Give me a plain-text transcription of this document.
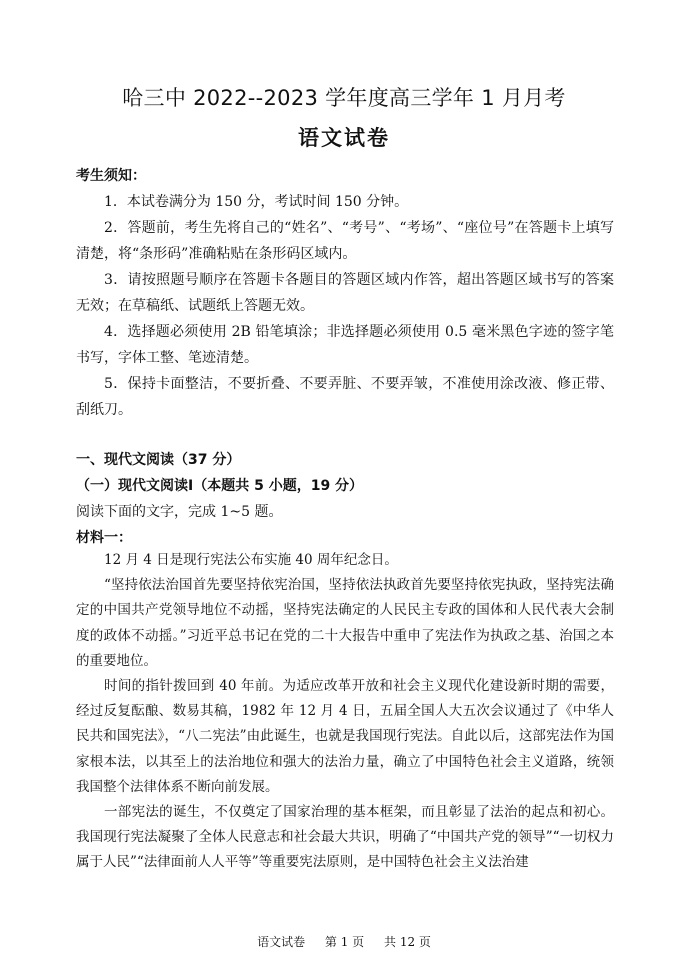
哈三中 2022--2023 学年度高三学年 1 月月考
语文试卷

考生须知：

1．本试卷满分为 150 分，考试时间 150 分钟。

2．答题前，考生先将自己的“姓名”、“考号”、“考场”、“座位号”在答题卡上填写清楚，将“条形码”准确粘贴在条形码区域内。

3．请按照题号顺序在答题卡各题目的答题区域内作答，超出答题区域书写的答案无效；在草稿纸、试题纸上答题无效。

4．选择题必须使用 2B 铅笔填涂；非选择题必须使用 0.5 毫米黑色字迹的签字笔书写，字体工整、笔迹清楚。

5．保持卡面整洁，不要折叠、不要弄脏、不要弄皱，不准使用涂改液、修正带、刮纸刀。

一、现代文阅读（37 分）

（一）现代文阅读Ⅰ（本题共 5 小题，19 分）

阅读下面的文字，完成 1~5 题。

材料一：

12 月 4 日是现行宪法公布实施 40 周年纪念日。

“坚持依法治国首先要坚持依宪治国，坚持依法执政首先要坚持依宪执政，坚持宪法确定的中国共产党领导地位不动摇，坚持宪法确定的人民民主专政的国体和人民代表大会制度的政体不动摇。”习近平总书记在党的二十大报告中重申了宪法作为执政之基、治国之本的重要地位。

时间的指针拨回到 40 年前。为适应改革开放和社会主义现代化建设新时期的需要，经过反复酝酿、数易其稿，1982 年 12 月 4 日，五届全国人大五次会议通过了《中华人民共和国宪法》，“八二宪法”由此诞生，也就是我国现行宪法。自此以后，这部宪法作为国家根本法，以其至上的法治地位和强大的法治力量，确立了中国特色社会主义道路，统领我国整个法律体系不断向前发展。

一部宪法的诞生，不仅奠定了国家治理的基本框架，而且彰显了法治的起点和初心。我国现行宪法凝聚了全体人民意志和社会最大共识，明确了“中国共产党的领导”“一切权力属于人民”“法律面前人人平等”等重要宪法原则，是中国特色社会主义法治建

语文试卷 第 1 页 共 12 页
